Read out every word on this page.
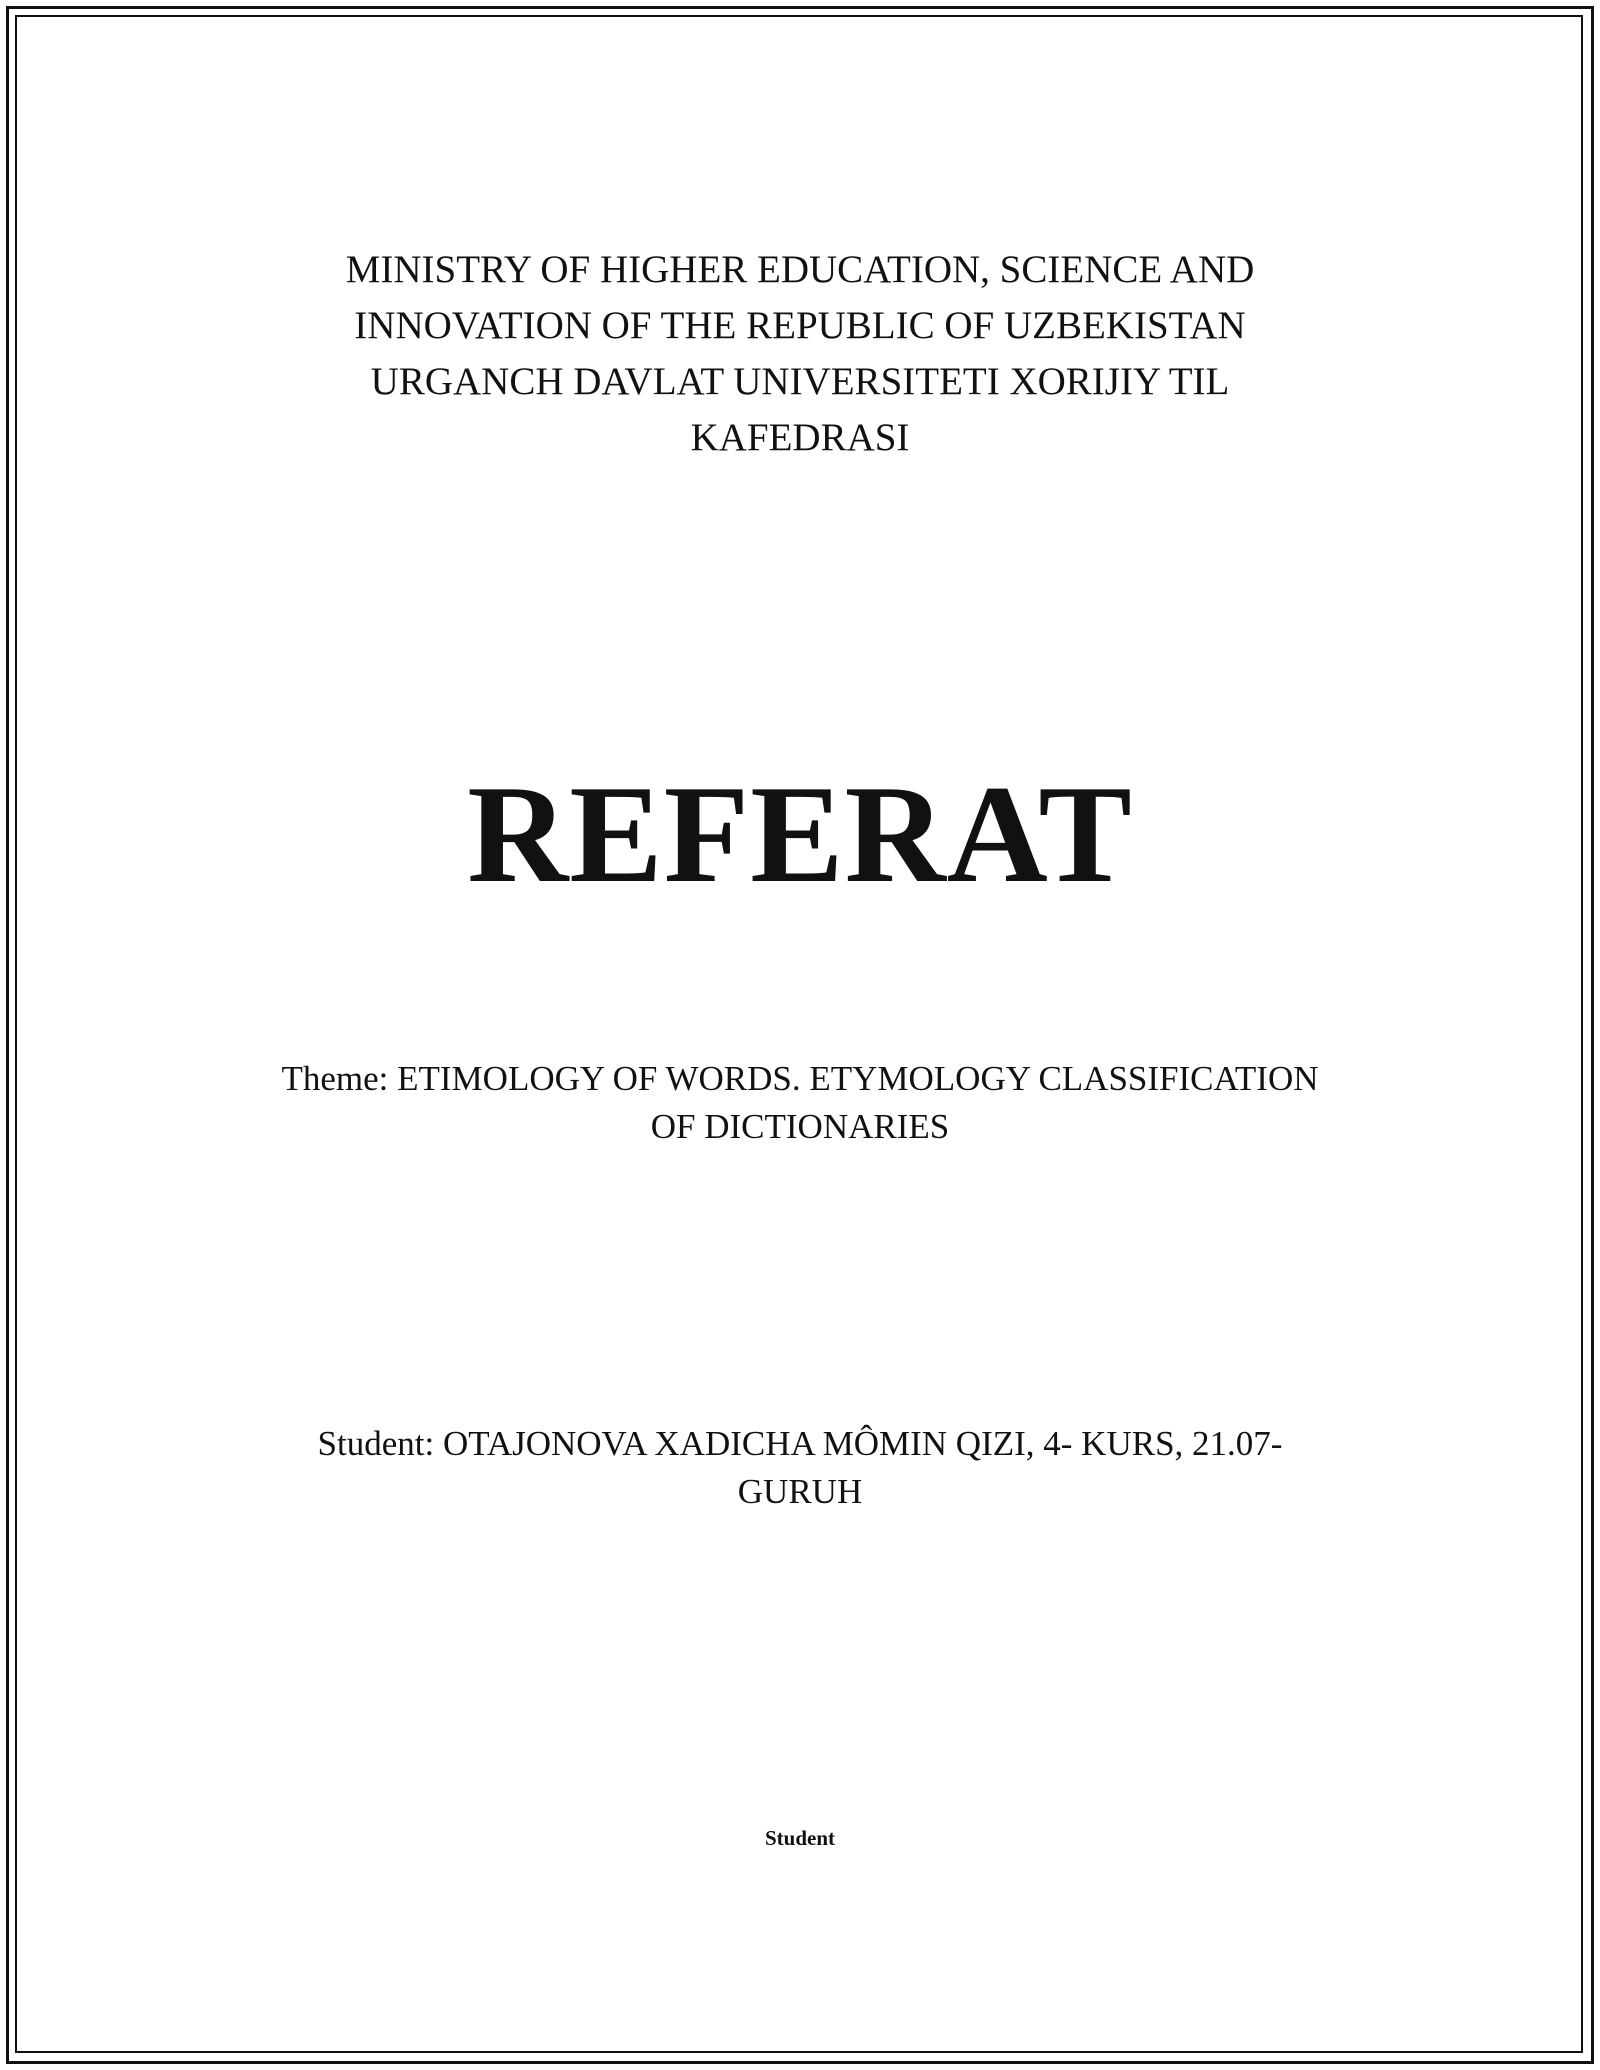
MINISTRY OF HIGHER EDUCATION, SCIENCE AND
INNOVATION OF THE REPUBLIC OF UZBEKISTAN
URGANCH DAVLAT UNIVERSITETI XORIJIY TIL
KAFEDRASI
REFERAT
Theme: ETIMOLOGY OF WORDS. ETYMOLOGY CLASSIFICATION
OF DICTIONARIES
Student: OTAJONOVA XADICHA MÔMIN QIZI, 4- KURS, 21.07-
GURUH
Student
